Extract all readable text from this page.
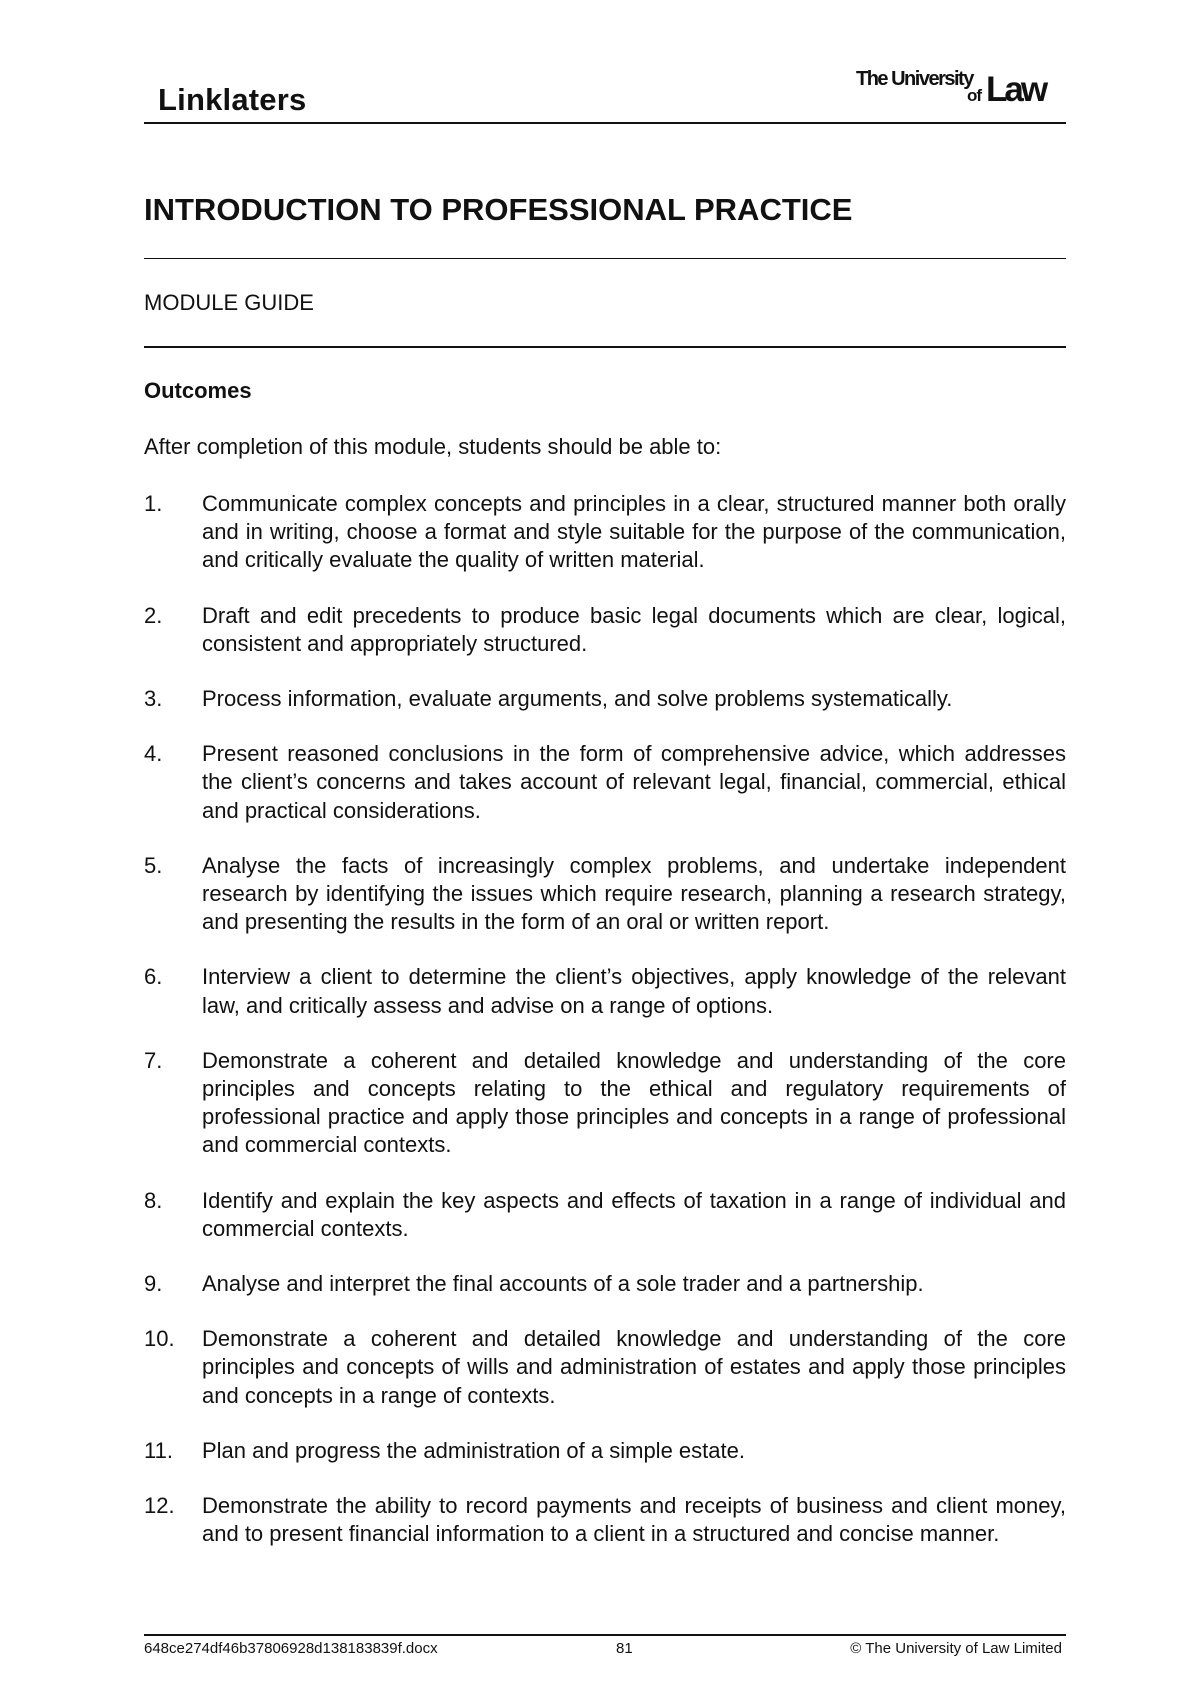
Linklaters
The University
of Law
INTRODUCTION TO PROFESSIONAL PRACTICE
MODULE GUIDE
Outcomes
After completion of this module, students should be able to:
1.	Communicate complex concepts and principles in a clear, structured manner both orally and in writing, choose a format and style suitable for the purpose of the communication, and critically evaluate the quality of written material.
2.	Draft and edit precedents to produce basic legal documents which are clear, logical, consistent and appropriately structured.
3.	Process information, evaluate arguments, and solve problems systematically.
4.	Present reasoned conclusions in the form of comprehensive advice, which addresses the client’s concerns and takes account of relevant legal, financial, commercial, ethical and practical considerations.
5.	Analyse the facts of increasingly complex problems, and undertake independent research by identifying the issues which require research, planning a research strategy, and presenting the results in the form of an oral or written report.
6.	Interview a client to determine the client’s objectives, apply knowledge of the relevant law, and critically assess and advise on a range of options.
7.	Demonstrate a coherent and detailed knowledge and understanding of the core principles and concepts relating to the ethical and regulatory requirements of professional practice and apply those principles and concepts in a range of professional and commercial contexts.
8.	Identify and explain the key aspects and effects of taxation in a range of individual and commercial contexts.
9.	Analyse and interpret the final accounts of a sole trader and a partnership.
10.	Demonstrate a coherent and detailed knowledge and understanding of the core principles and concepts of wills and administration of estates and apply those principles and concepts in a range of contexts.
11.	Plan and progress the administration of a simple estate.
12.	Demonstrate the ability to record payments and receipts of business and client money, and to present financial information to a client in a structured and concise manner.
648ce274df46b37806928d138183839f.docx	81	© The University of Law Limited
